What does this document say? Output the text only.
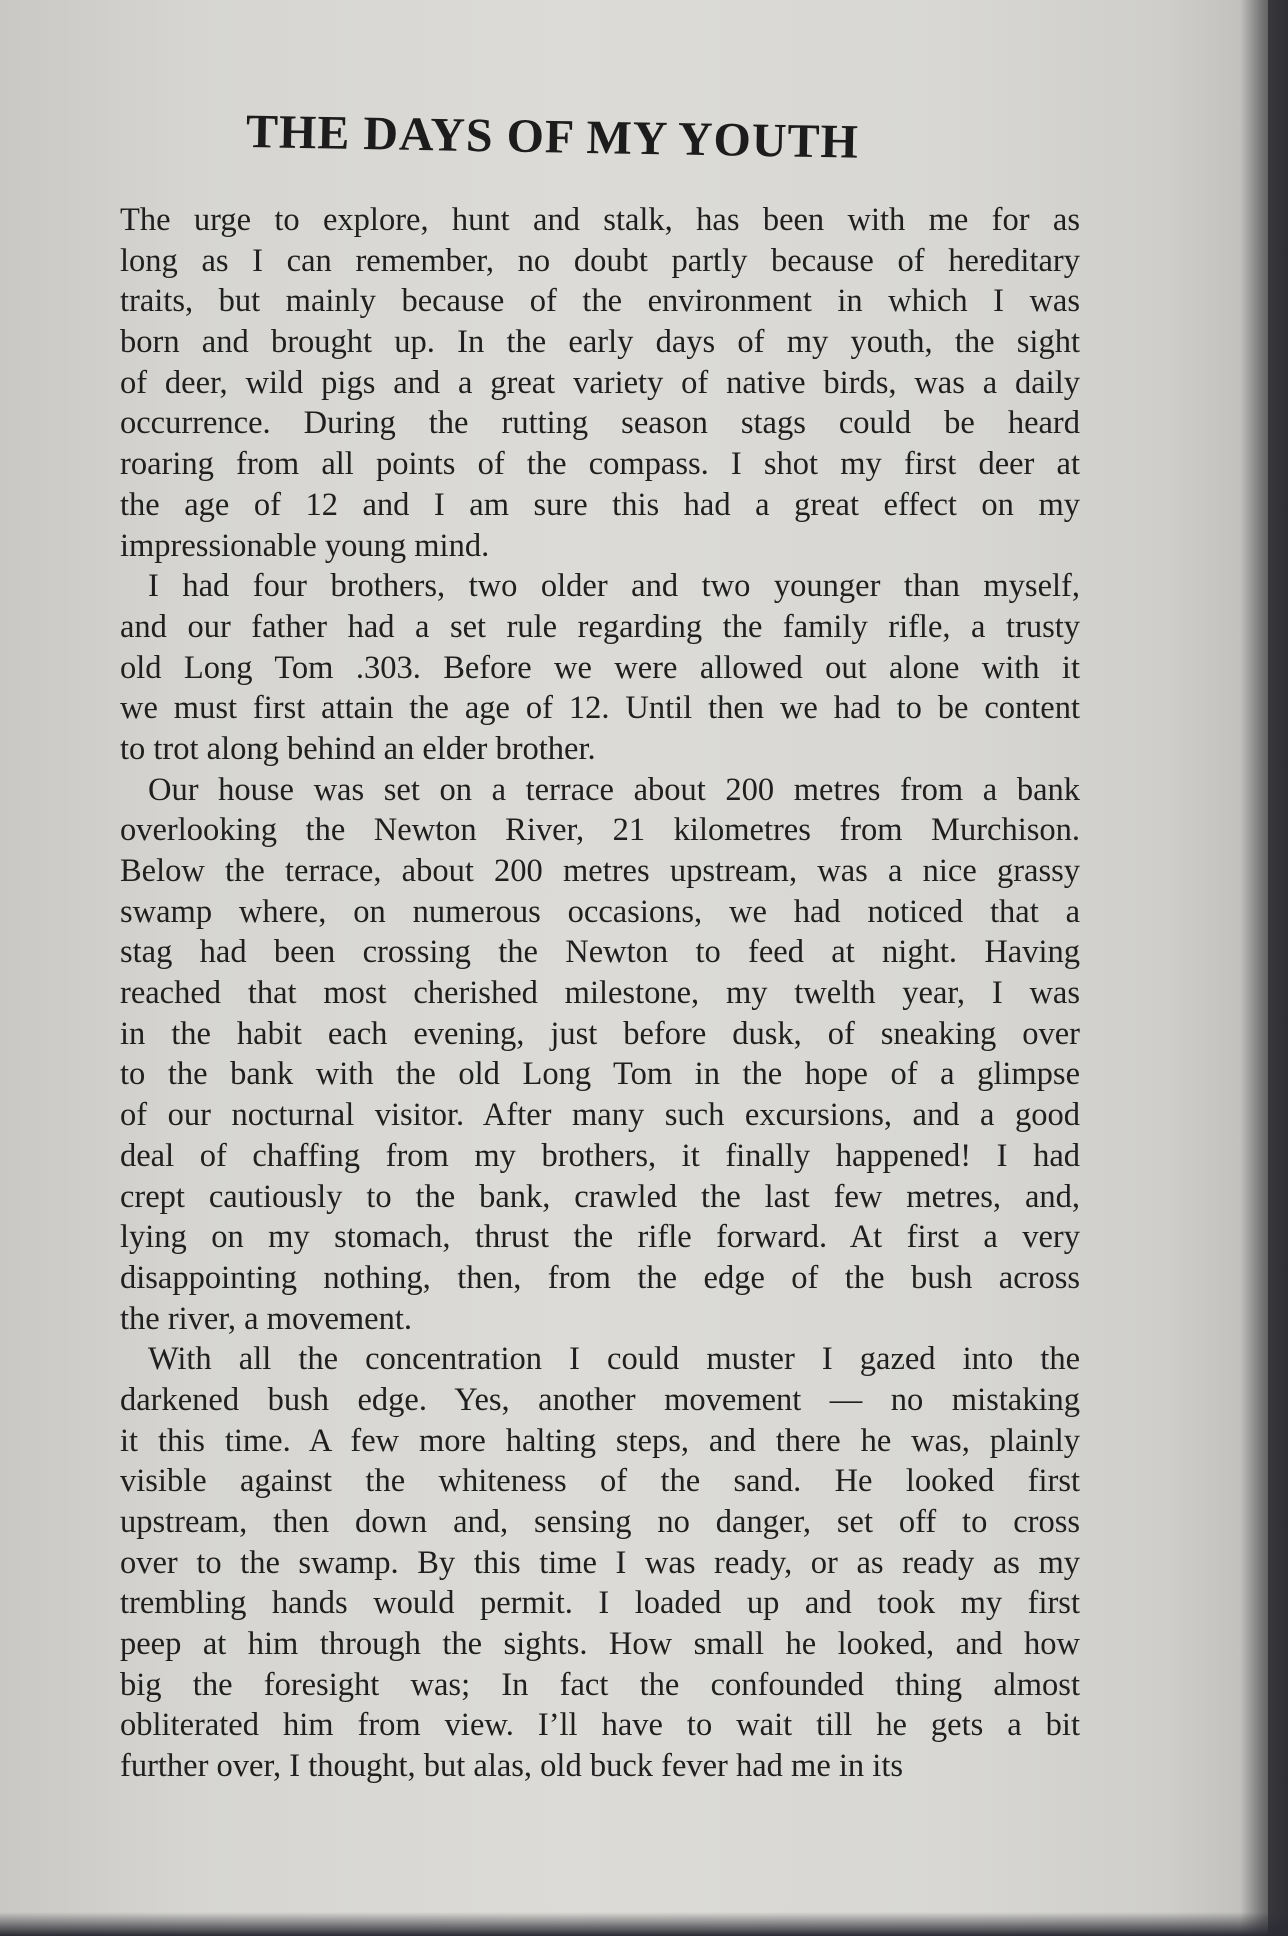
THE DAYS OF MY YOUTH
The urge to explore, hunt and stalk, has been with me for as
long as I can remember, no doubt partly because of hereditary
traits, but mainly because of the environment in which I was
born and brought up. In the early days of my youth, the sight
of deer, wild pigs and a great variety of native birds, was a daily
occurrence. During the rutting season stags could be heard
roaring from all points of the compass. I shot my first deer at
the age of 12 and I am sure this had a great effect on my
impressionable young mind.
I had four brothers, two older and two younger than myself,
and our father had a set rule regarding the family rifle, a trusty
old Long Tom .303. Before we were allowed out alone with it
we must first attain the age of 12. Until then we had to be content
to trot along behind an elder brother.
Our house was set on a terrace about 200 metres from a bank
overlooking the Newton River, 21 kilometres from Murchison.
Below the terrace, about 200 metres upstream, was a nice grassy
swamp where, on numerous occasions, we had noticed that a
stag had been crossing the Newton to feed at night. Having
reached that most cherished milestone, my twelth year, I was
in the habit each evening, just before dusk, of sneaking over
to the bank with the old Long Tom in the hope of a glimpse
of our nocturnal visitor. After many such excursions, and a good
deal of chaffing from my brothers, it finally happened! I had
crept cautiously to the bank, crawled the last few metres, and,
lying on my stomach, thrust the rifle forward. At first a very
disappointing nothing, then, from the edge of the bush across
the river, a movement.
With all the concentration I could muster I gazed into the
darkened bush edge. Yes, another movement — no mistaking
it this time. A few more halting steps, and there he was, plainly
visible against the whiteness of the sand. He looked first
upstream, then down and, sensing no danger, set off to cross
over to the swamp. By this time I was ready, or as ready as my
trembling hands would permit. I loaded up and took my first
peep at him through the sights. How small he looked, and how
big the foresight was; In fact the confounded thing almost
obliterated him from view. I’ll have to wait till he gets a bit
further over, I thought, but alas, old buck fever had me in its
